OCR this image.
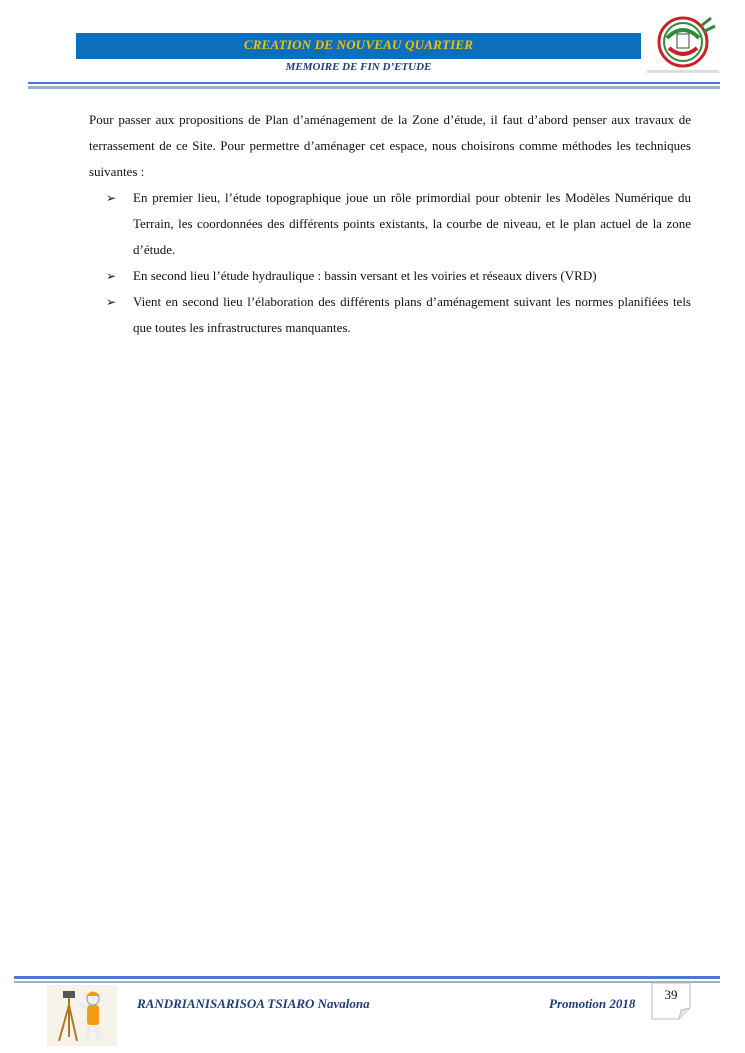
CREATION DE NOUVEAU QUARTIER
MEMOIRE DE FIN D’ETUDE

Pour passer aux propositions de Plan d’aménagement de la Zone d’étude, il faut d’abord penser aux travaux de terrassement de ce Site. Pour permettre d’aménager cet espace, nous choisirons comme méthodes les techniques suivantes :

➢ En premier lieu, l’étude topographique joue un rôle primordial pour obtenir les Modèles Numérique du Terrain, les coordonnées des différents points existants, la courbe de niveau, et le plan actuel de la zone d’étude.
➢ En second lieu l’étude hydraulique : bassin versant et les voiries et réseaux divers (VRD)
➢ Vient en second lieu l’élaboration des différents plans d’aménagement suivant les normes planifiées tels que toutes les infrastructures manquantes.
RANDRIANISARISOA TSIARO Navalona	Promotion 2018
39
